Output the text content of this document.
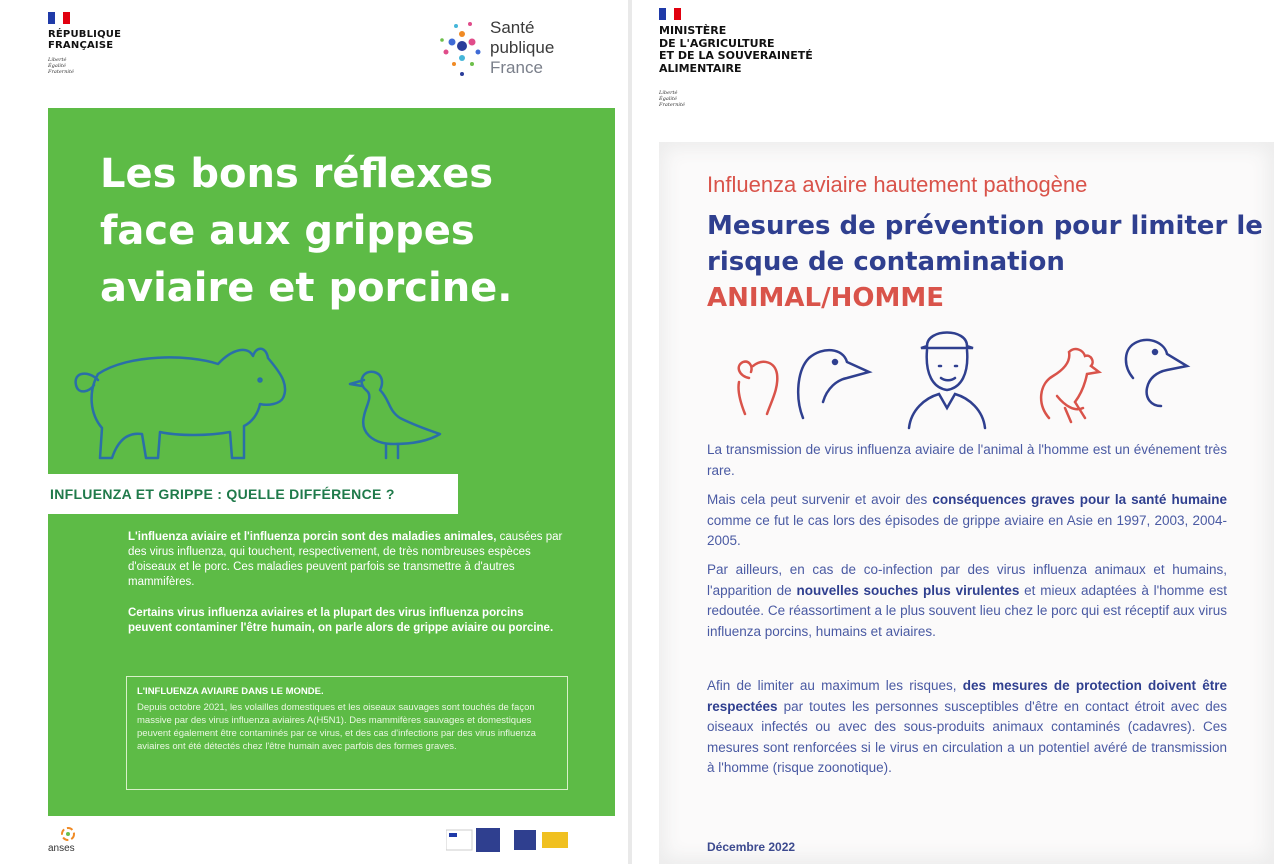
RÉPUBLIQUE
FRANÇAISE
Liberté
Égalité
Fraternité
Santé
publique
France
Les bons réflexes face aux grippes aviaire et porcine.
INFLUENZA ET GRIPPE : QUELLE DIFFÉRENCE ?

L'influenza aviaire et l'influenza porcin sont des maladies animales, causées par des virus influenza, qui touchent, respectivement, de très nombreuses espèces d'oiseaux et le porc. Ces maladies peuvent parfois se transmettre à d'autres mammifères.

Certains virus influenza aviaires et la plupart des virus influenza porcins peuvent contaminer l'être humain, on parle alors de grippe aviaire ou porcine.

L'INFLUENZA AVIAIRE DANS LE MONDE.

Depuis octobre 2021, les volailles domestiques et les oiseaux sauvages sont touchés de façon massive par des virus influenza aviaires A(H5N1). Des mammifères sauvages et domestiques peuvent également être contaminés par ce virus, et des cas d'infections par des virus influenza aviaires ont été détectés chez l'être humain avec parfois des formes graves.

anses
MINISTÈRE
DE L'AGRICULTURE
ET DE LA SOUVERAINETÉ
ALIMENTAIRE
Liberté
Égalité
Fraternité
Influenza aviaire hautement pathogène
Mesures de prévention pour limiter le risque de contamination
ANIMAL/HOMME

La transmission de virus influenza aviaire de l'animal à l'homme est un événement très rare.

Mais cela peut survenir et avoir des conséquences graves pour la santé humaine comme ce fut le cas lors des épisodes de grippe aviaire en Asie en 1997, 2003, 2004-2005.

Par ailleurs, en cas de co-infection par des virus influenza animaux et humains, l'apparition de nouvelles souches plus virulentes et mieux adaptées à l'homme est redoutée. Ce réassortiment a le plus souvent lieu chez le porc qui est réceptif aux virus influenza porcins, humains et aviaires.

Afin de limiter au maximum les risques, des mesures de protection doivent être respectées par toutes les personnes susceptibles d'être en contact étroit avec des oiseaux infectés ou avec des sous-produits animaux contaminés (cadavres). Ces mesures sont renforcées si le virus en circulation a un potentiel avéré de transmission à l'homme (risque zoonotique).

Décembre 2022
